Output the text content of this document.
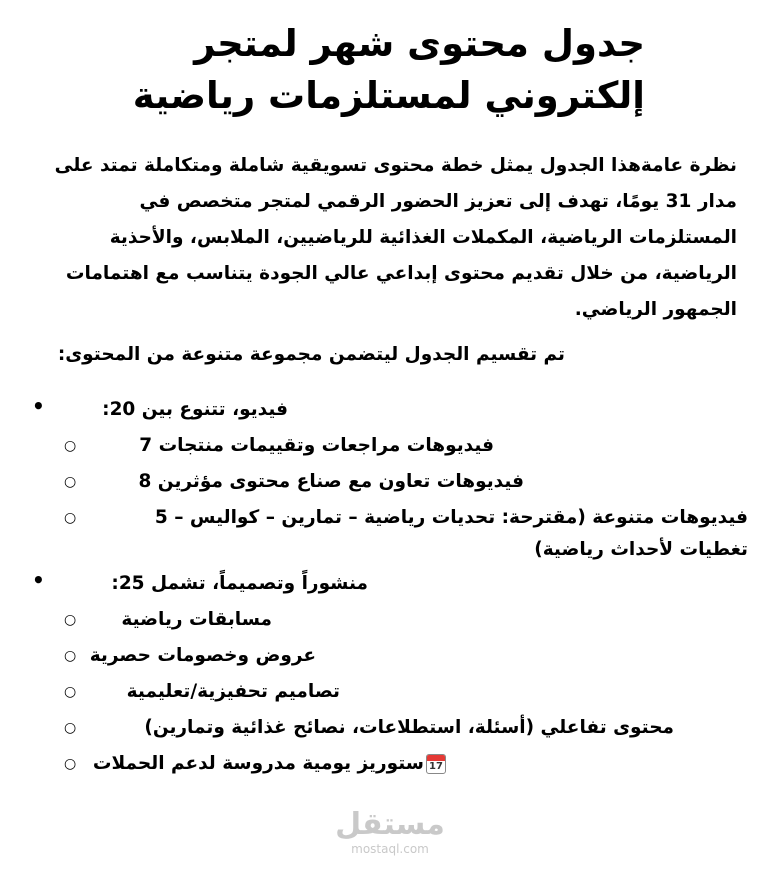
جدول محتوى شهر لمتجر إلكتروني لمستلزمات رياضية

نظرة عامةهذا الجدول يمثل خطة محتوى تسويقية شاملة ومتكاملة تمتد على مدار 31 يومًا، تهدف إلى تعزيز الحضور الرقمي لمتجر متخصص في المستلزمات الرياضية، المكملات الغذائية للرياضيين، الملابس، والأحذية الرياضية، من خلال تقديم محتوى إبداعي عالي الجودة يتناسب مع اهتمامات الجمهور الرياضي.

تم تقسيم الجدول ليتضمن مجموعة متنوعة من المحتوى:

•	فيديو، تتنوع بين 20:
○	فيديوهات مراجعات وتقييمات منتجات 7
○	فيديوهات تعاون مع صناع محتوى مؤثرين 8
○	فيديوهات متنوعة (مقترحة: تحديات رياضية – تمارين – كواليس – 5 تغطيات لأحداث رياضية)
•	منشوراً وتصميماً، تشمل 25:
○ مسابقات رياضية
○ عروض وخصومات حصرية
○	تصاميم تحفيزية/تعليمية
○	محتوى تفاعلي (أسئلة، استطلاعات، نصائح غذائية وتمارين)
○	17
ستوريز يومية مدروسة لدعم الحملات
مستقل
mostaql.com
